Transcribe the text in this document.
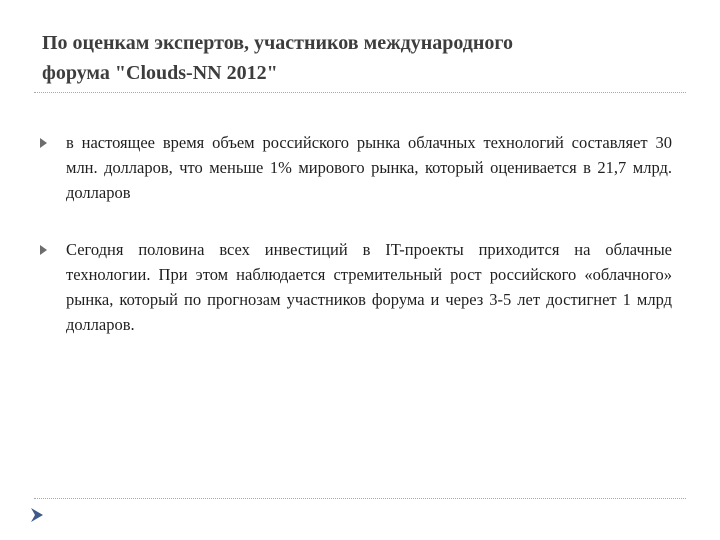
По оценкам экспертов, участников международного
форума "Clouds-NN 2012"
в настоящее время объем российского рынка облачных технологий составляет 30 млн. долларов, что меньше 1% мирового рынка, который оценивается в 21,7 млрд. долларов
Сегодня половина всех инвестиций в IT-проекты приходится на облачные технологии. При этом наблюдается стремительный рост российского «облачного» рынка, который по прогнозам участников форума и через 3-5 лет достигнет 1 млрд долларов.
